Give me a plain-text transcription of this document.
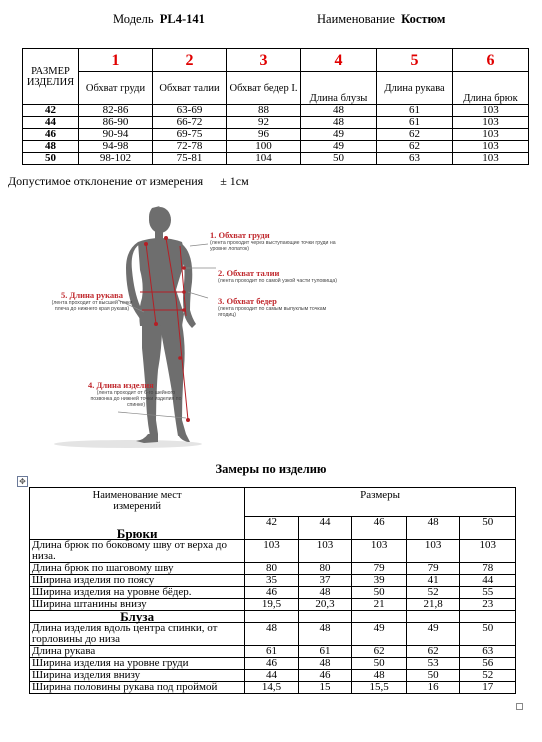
Модель PL4-141	Наименование Костюм
РАЗМЕР ИЗДЕЛИЯ	1	2	3	4	5	6
	Обхват груди	Обхват талии	Обхват бедер I.	Длина блузы	Длина рукава	Длина брюк
42	82-86	63-69	88	48	61	103
44	86-90	66-72	92	48	61	103
46	90-94	69-75	96	49	62	103
48	94-98	72-78	100	49	62	103
50	98-102	75-81	104	50	63	103
Допустимое отклонение от измерения ± 1см
1. Обхват груди
(лента проходит через выступающие точки груди на уровне лопаток)
2. Обхват талии
(лента проходит по самой узкой части туловища)
3. Обхват бедер
(лента проходит по самым выпуклым точкам ягодиц)
5. Длина рукава
(лента проходит от высшей точки плеча до нижнего края рукава)
4. Длина изделия
(лента проходит от 6-го шейного позвонка до нижней точки изделия по спинке)
Замеры по изделию
✥
Наименование мест измерений	Размеры				
Брюки	42	44	46	48	50
Длина брюк по боковому шву от верха до низа.	103	103	103	103	103
Длина брюк по шаговому шву	80	80	79	79	78
Ширина изделия по поясу	35	37	39	41	44
Ширина изделия на уровне бёдер.	46	48	50	52	55
Ширина штанины внизу	19,5	20,3	21	21,8	23
Блуза					
Длина изделия вдоль центра спинки, от горловины до низа	48	48	49	49	50
Длина рукава	61	61	62	62	63
Ширина изделия на уровне груди	46	48	50	53	56
Ширина изделия внизу	44	46	48	50	52
Ширина половины рукава под проймой	14,5	15	15,5	16	17
